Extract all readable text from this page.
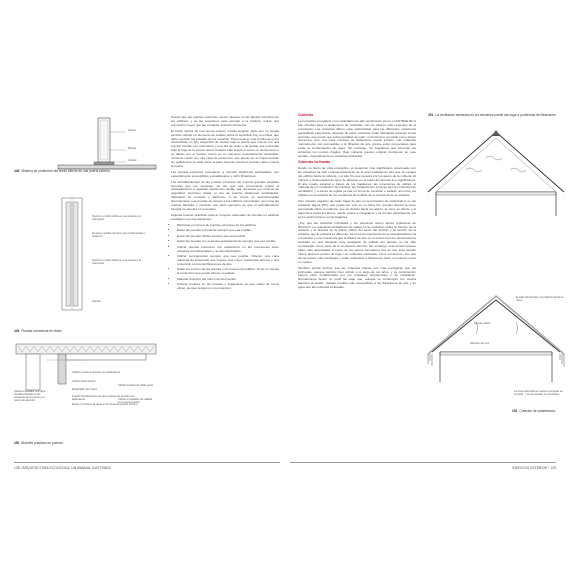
Puerta
Burlete
Umbral
248 Sistema de protección del borde inferior de una puerta exterior.
Suprimir el vidrio doble en una terraza a la intemperie.
Emplear pestillos térmicos por condensación y radiación
Suprimir el vidrio doble en una terraza a la intemperie.
Fijación
249 Puertas correderas de vidrio.
Aplicar el sellador a la tapa metálica situada en las cercanías de la puerta y el marco de aluminio
Utilizar puertas exteriores con aislamiento
Utilizar doble burlete
Espaciador del marco
Impedir las filtraciones de aire a través de puertas con aislamiento
Evitar el contacto de agua en la rotura de puente térmico
Utilizar burletes de doble junta
Utilizar un sellador de calidad en la parte exterior
250 Burletes prácticos en puertas.

Puesto que las puertas exteriores suelen situarse en las plantas inferiores de los edificios, y en las superiores para acceder a la cubierta, sufren una exposición mayor que las ventanas al efecto chimenea.

El borde inferior de una puerta exterior resulta singular, dado que no resulta sencillo colocar un elemento de sellado sobre la superficie hoy al umbral, que debe soportar las pisadas de los usuarios. Para resolver este problema se ha desarrollado un tipo específico de burlete bajo la puerta que cuenta con una porción flexible con carpintería y una tira de vinilo o de goma) que sobresale bajo la hoja de la puerta. Estos burletes bajo puerta a veces no cierran bien o se dañan con el tiempo. Como en un elemento especialmente vulnerable, conviene contar con otro capa de protección, que puede ser el propio umbral. Un sellado que se sitúa sobre la parte superior contra el umbral y abre o cierra la puerta.

Las puertas exteriores correderas, a menudo totalmente acristaladas, son especialmente susceptibles a desalinearse y sufrir filtraciones.

Los acristalamientos de las puertas provocan las mismas grandes pérdidas térmicas que las ventanas, de ahí que sea conveniente limitar el acristalamiento a aquellas situaciones donde sea necesario por motivos de seguridad. Conviene limitar el uso de puertas totalmente acristaladas, habituales en terrazas y balcones, a las zonas no acondicionadas térmicamente. Las puertas de acceso a los edificios comerciales, así como las puertas laterales y traseras, son otros ejemplos de que el acristalamiento integral no siempre es necesario.

Algunas buenas prácticas para el proyecto adecuado de puertas en edificios ecológicos son las siguientes:

• Minimizar el número de puertas exteriores de los edificios.
• Evitar las puertas correderas siempre que sea posible.
• Evitar las puertas dobles siempre que sea posible.
• Evitar las puertas con excesivo acristalamiento siempre que sea posible.
• Utilizar puertas exteriores con aislamiento en las conexiones entre espacios acondicionados y no acondicionados.
• Utilizar contrapuertas siempre que sea posible. Ofrecen una capa adicional de protección que supone una mayor resistencia térmica y una protección contra las filtraciones de aire.
• Sellar los marcos de las puertas y los huecos del edificio. Tener en cuenta la protección que puede ofrecer el sellado.
• Material protector del marco de las puertas.
• Colocar burletes en las puertas y asegurarse de que sellan de forma eficaz, aunque tengan un uso intensivo.
128 / ARQUITECTURA ECOLÓGICA. UN MANUAL ILUSTRADO

Cubiertas

La normativa energética y los estándares de alto rendimiento (como el ASHRAE 90.1) han ofrecido para el aislamiento de cubiertas; son los valores más exigentes de la envolvente. Las cubiertas deben estar optimizadas para las diferentes estaciones geográficas específicas. Algunas de estas cubiertas están diseñadas para las zonas térmicas, que puede que sobre pérdidas de calor; un fenómeno conocido como efecto chimenea. Con una capa continua de aislamiento puede evitarlo. Las cubiertas normalmente son permeables a la filtración de aire porque están proyectadas para evitar la condensación de agua. Sin embargo, los tragaluces que penetran las cubiertas son puntos frágiles. Bajo cubierta pueden originar problemas en este sentido, especialmente en cubiertas inclinadas.

Cubiertas inclinadas

Desde un punto de vista energético, el desarrollo más significativo relacionado con las cubiertas ha sido el desacoplamiento de la gran cantidad de aire que se escapa del edificio hacia la cubierta, y el aire frío que penetra por los aleros de la cubierta. El número y la diversidad de tipos de filtración en el suelo del desván son significativos. El aire puede escapar a través de los tragaluces, las conexiones de cables, el material de los conductos de cubierta, las instalaciones a través de los conductos de ventilación, y a través de rejillas ya sea en forma de conexión o sellado, así como los orificios en la cubierta de los conductos de tendido de la estructura de la cubierta.

Otro impacto negativo de estas fugas de aire es la formación de carámbanos en las cubiertas (figura 252), que puede ser, que en un clima frío, pueden derretir la nieve acumulada sobre la cubierta, que se desliza hacia los aleros, la nieve se derrite y el agua fluye hacia los aleros, donde vuelve a congelarse y se forman carámbanos, así como obstrucciones en las bajantes.

¿Por qué las cubiertas inclinadas y los desvanes tienen tantos problemas de filtración? La respuesta probablemente radica en la confusión sobre la función de la cubierta y la demora de la última planta del suelo del desván y la función de la cubierta, que la cubierta es diferente. Se toma la importancia de la estanqueidad en la envolvente y una conciencia que la fluidez de aire en el recinto térmico del desván ha acabado en una situación muy arraigada. El sellado del desván no ha sido considerado como parte de la envolvente térmica. Sin embargo, esta función parece haber sido descuidada. A pesar de los cierres herméticos hoy en día, todo desván ofrece diversos puntos de fuga. Las cubiertas inclinadas, como envolvente, son una de las partes más complejas y están expuestas a filtraciones tanto en invierno como en verano.

También podría decirse que las cubiertas planas son más ecológicas que las inclinadas, aunque también han sufrido a lo largo de los años, y su construcción parece estar condicionada por los requisitos estructurales y de instalación. Normalmente tienen un perfil tan bajo que, aunque se construyan con mucha atención al detalle, pueden resultar más susceptibles a las filtraciones de aire y de agua que las cubiertas inclinadas.

251 La ventilación necesaria en los desvanes puede dar lugar a problemas de filtraciones.
Desván cálido
Filtración de aire
El calor del desván y la cubierta derrite la nieve
La nieve derretida se vuelve a congelar en el borde, y se forma hielo en el canalón
252 Creación de carámbanos.
EDIFICIOS EXTERIOR / 129
